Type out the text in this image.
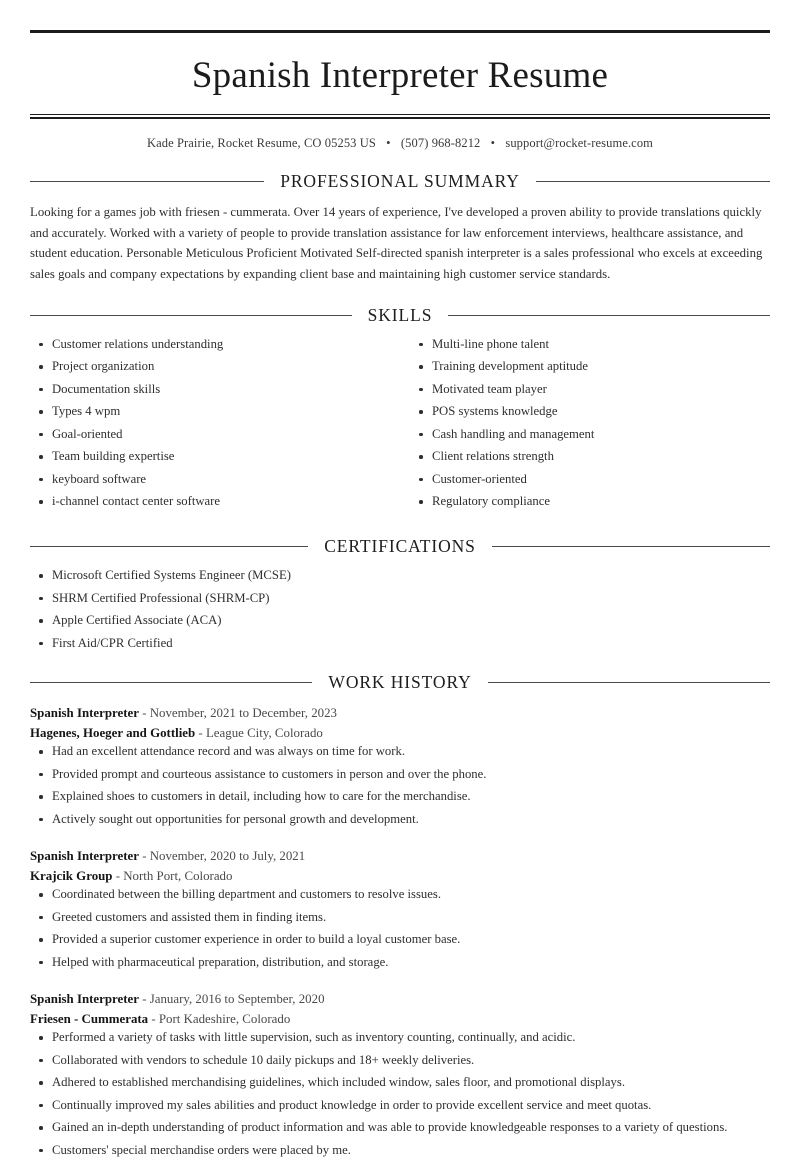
Spanish Interpreter Resume
Kade Prairie, Rocket Resume, CO 05253 US • (507) 968-8212 • support@rocket-resume.com
PROFESSIONAL SUMMARY

Looking for a games job with friesen - cummerata. Over 14 years of experience, I've developed a proven ability to provide translations quickly and accurately. Worked with a variety of people to provide translation assistance for law enforcement interviews, healthcare assistance, and student education. Personable Meticulous Proficient Motivated Self-directed spanish interpreter is a sales professional who excels at exceeding sales goals and company expectations by expanding client base and maintaining high customer service standards.

SKILLS
Customer relations understanding
Project organization
Documentation skills
Types 4 wpm
Goal-oriented
Team building expertise
keyboard software
i-channel contact center software
Multi-line phone talent
Training development aptitude
Motivated team player
POS systems knowledge
Cash handling and management
Client relations strength
Customer-oriented
Regulatory compliance
CERTIFICATIONS
Microsoft Certified Systems Engineer (MCSE)
SHRM Certified Professional (SHRM-CP)
Apple Certified Associate (ACA)
First Aid/CPR Certified
WORK HISTORY
Spanish Interpreter - November, 2021 to December, 2023
Hagenes, Hoeger and Gottlieb - League City, Colorado
Had an excellent attendance record and was always on time for work.
Provided prompt and courteous assistance to customers in person and over the phone.
Explained shoes to customers in detail, including how to care for the merchandise.
Actively sought out opportunities for personal growth and development.
Spanish Interpreter - November, 2020 to July, 2021
Krajcik Group - North Port, Colorado
Coordinated between the billing department and customers to resolve issues.
Greeted customers and assisted them in finding items.
Provided a superior customer experience in order to build a loyal customer base.
Helped with pharmaceutical preparation, distribution, and storage.
Spanish Interpreter - January, 2016 to September, 2020
Friesen - Cummerata - Port Kadeshire, Colorado
Performed a variety of tasks with little supervision, such as inventory counting, continually, and acidic.
Collaborated with vendors to schedule 10 daily pickups and 18+ weekly deliveries.
Adhered to established merchandising guidelines, which included window, sales floor, and promotional displays.
Continually improved my sales abilities and product knowledge in order to provide excellent service and meet quotas.
Gained an in-depth understanding of product information and was able to provide knowledgeable responses to a variety of questions.
Customers' special merchandise orders were placed by me.
